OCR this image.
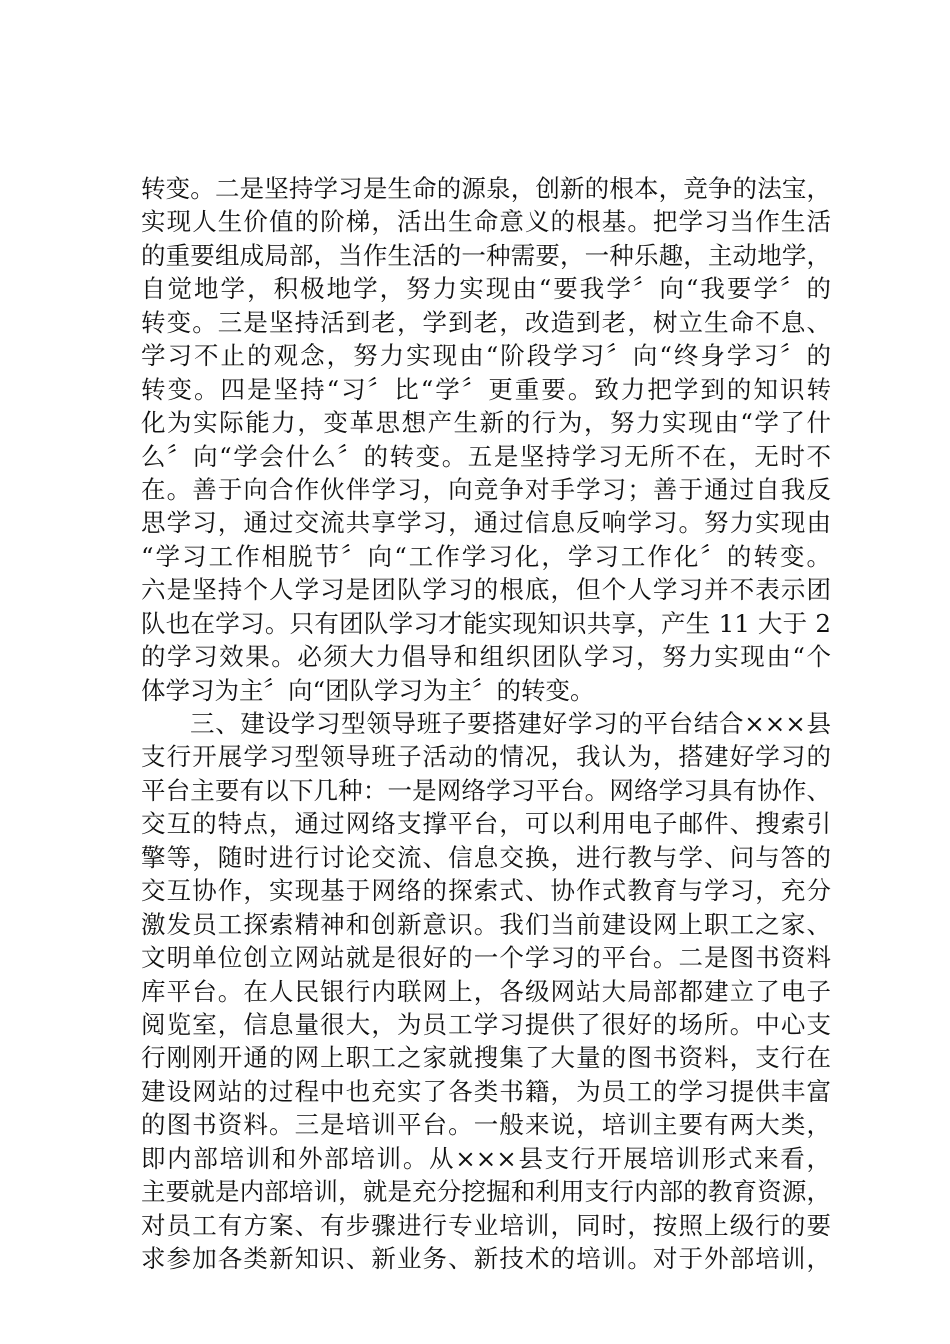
转变。二是坚持学习是生命的源泉，创新的根本，竞争的法宝，
实现人生价值的阶梯，活出生命意义的根基。把学习当作生活
的重要组成局部，当作生活的一种需要，一种乐趣，主动地学，
自觉地学，积极地学，努力实现由“要我学〞向“我要学〞的
转变。三是坚持活到老，学到老，改造到老，树立生命不息、
学习不止的观念，努力实现由“阶段学习〞向“终身学习〞的
转变。四是坚持“习〞比“学〞更重要。致力把学到的知识转
化为实际能力，变革思想产生新的行为，努力实现由“学了什
么〞向“学会什么〞的转变。五是坚持学习无所不在，无时不
在。善于向合作伙伴学习，向竞争对手学习；善于通过自我反
思学习，通过交流共享学习，通过信息反响学习。努力实现由
“学习工作相脱节〞向“工作学习化，学习工作化〞的转变。
六是坚持个人学习是团队学习的根底，但个人学习并不表示团
队也在学习。只有团队学习才能实现知识共享，产生 11 大于 2
的学习效果。必须大力倡导和组织团队学习，努力实现由“个
体学习为主〞向“团队学习为主〞的转变。
三、建设学习型领导班子要搭建好学习的平台结合×××县
支行开展学习型领导班子活动的情况，我认为，搭建好学习的
平台主要有以下几种：一是网络学习平台。网络学习具有协作、
交互的特点，通过网络支撑平台，可以利用电子邮件、搜索引
擎等，随时进行讨论交流、信息交换，进行教与学、问与答的
交互协作，实现基于网络的探索式、协作式教育与学习，充分
激发员工探索精神和创新意识。我们当前建设网上职工之家、
文明单位创立网站就是很好的一个学习的平台。二是图书资料
库平台。在人民银行内联网上，各级网站大局部都建立了电子
阅览室，信息量很大，为员工学习提供了很好的场所。中心支
行刚刚开通的网上职工之家就搜集了大量的图书资料，支行在
建设网站的过程中也充实了各类书籍，为员工的学习提供丰富
的图书资料。三是培训平台。一般来说，培训主要有两大类，
即内部培训和外部培训。从×××县支行开展培训形式来看，
主要就是内部培训，就是充分挖掘和利用支行内部的教育资源，
对员工有方案、有步骤进行专业培训，同时，按照上级行的要
求参加各类新知识、新业务、新技术的培训。对于外部培训，
